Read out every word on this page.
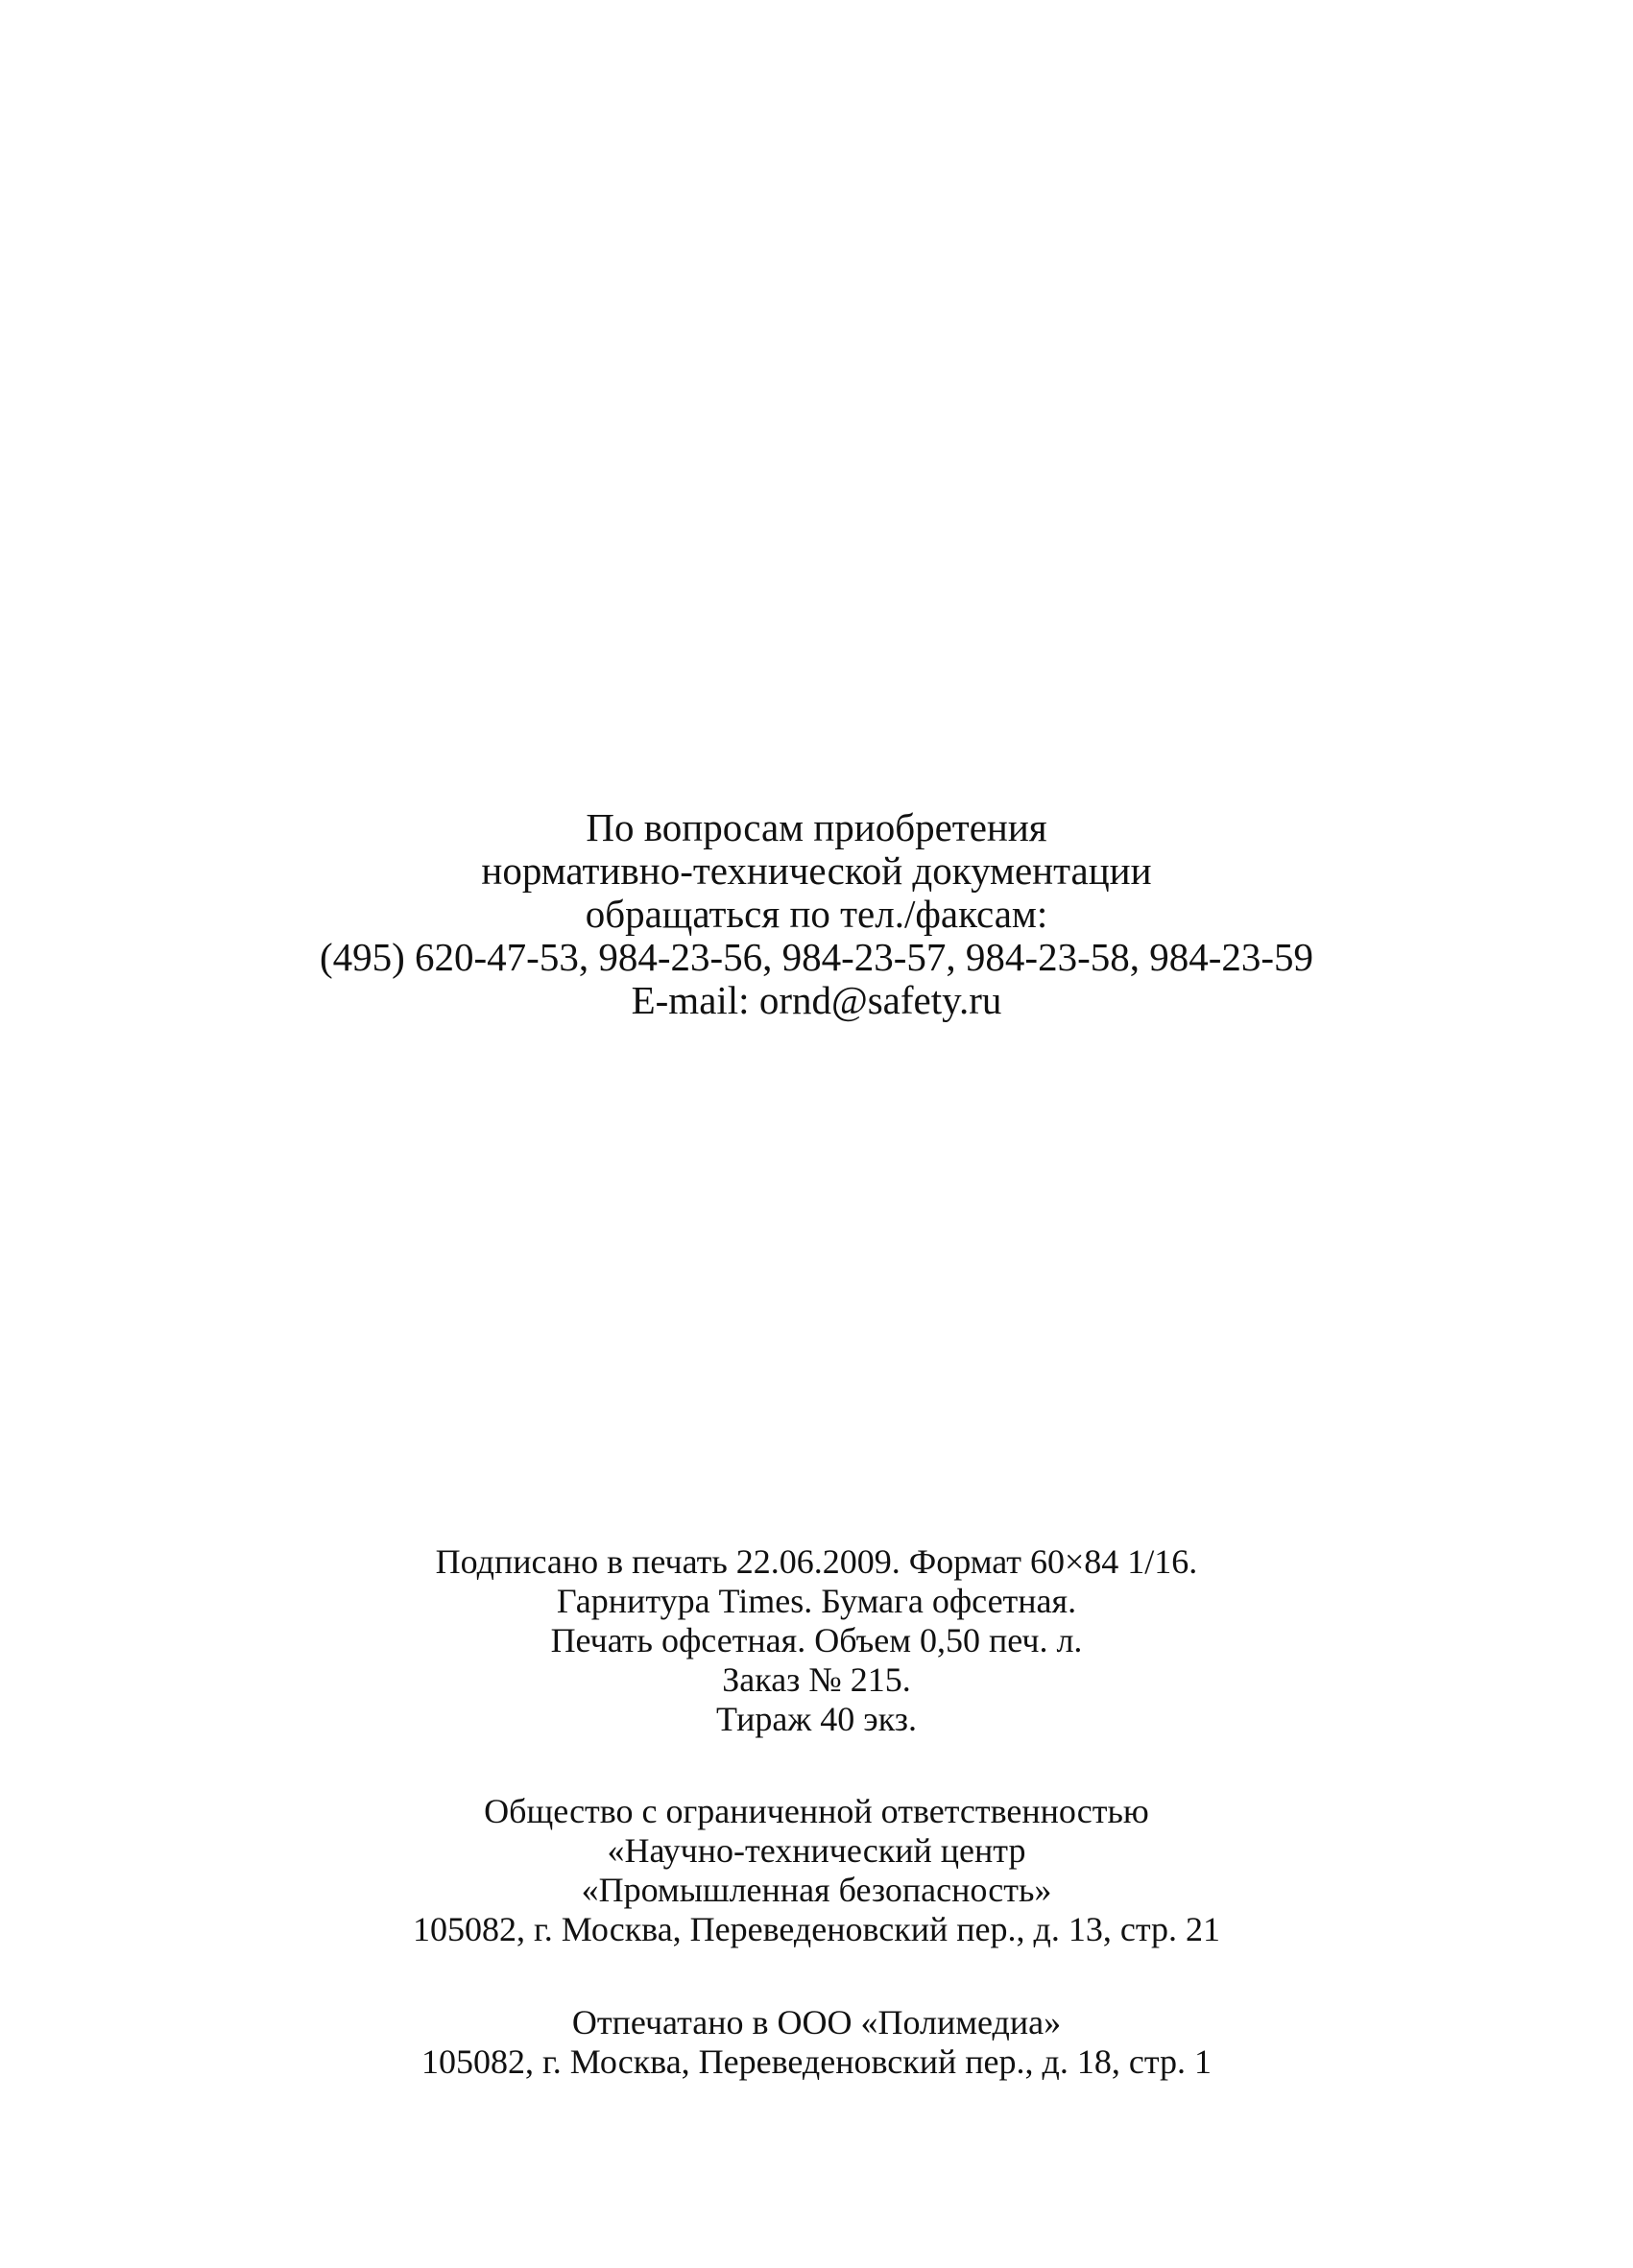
По вопросам приобретения
нормативно-технической документации
обращаться по тел./факсам:
(495) 620-47-53, 984-23-56, 984-23-57, 984-23-58, 984-23-59
E-mail: ornd@safety.ru
Подписано в печать 22.06.2009. Формат 60×84 1/16.
Гарнитура Times. Бумага офсетная.
Печать офсетная. Объем 0,50 печ. л.
Заказ № 215.
Тираж 40 экз.
Общество с ограниченной ответственностью
«Научно-технический центр
«Промышленная безопасность»
105082, г. Москва, Переведеновский пер., д. 13, стр. 21
Отпечатано в ООО «Полимедиа»
105082, г. Москва, Переведеновский пер., д. 18, стр. 1
